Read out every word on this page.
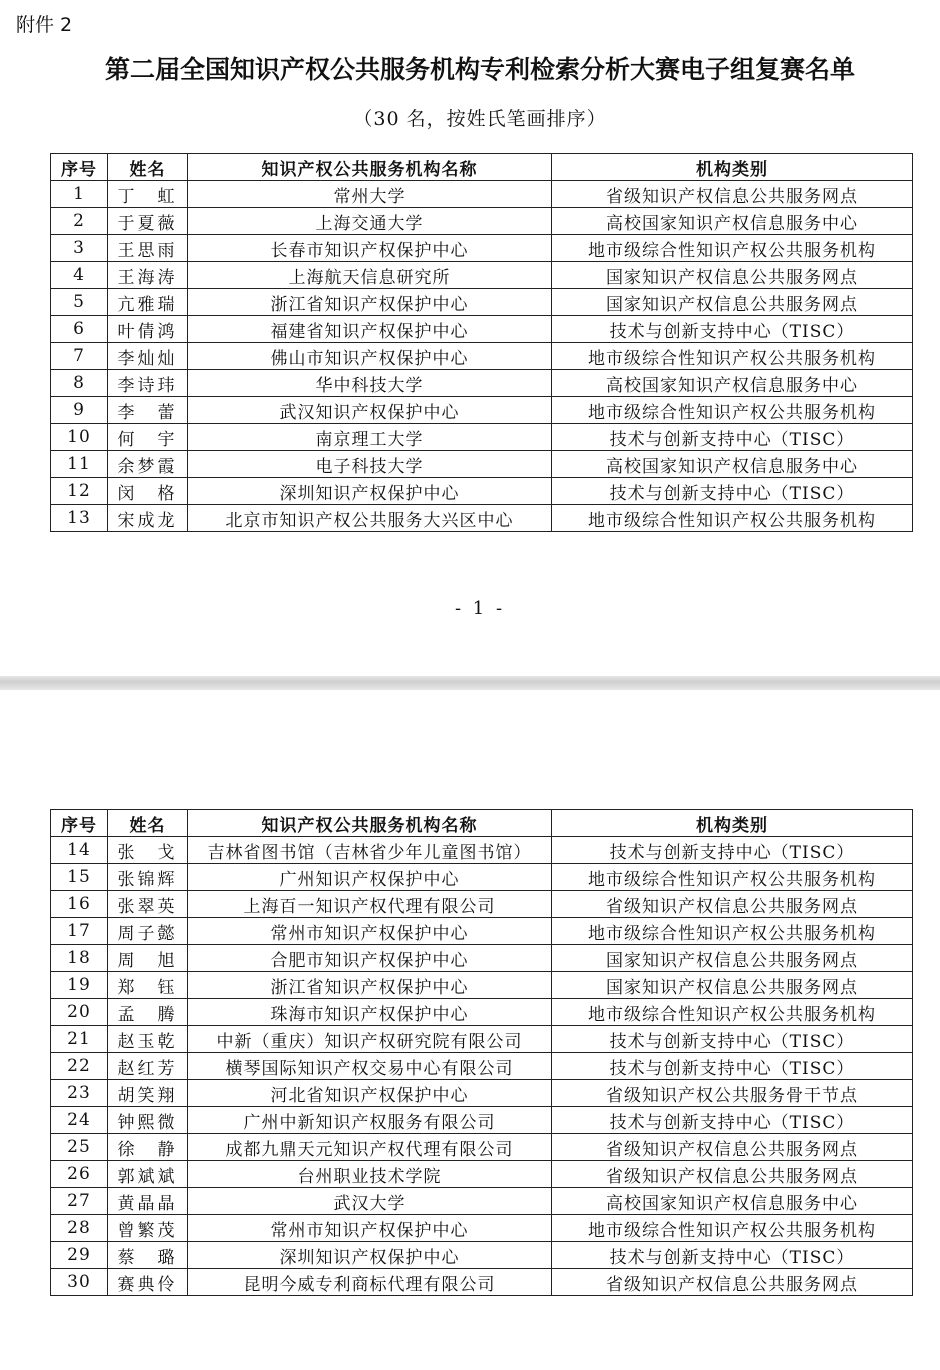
附件 2
第二届全国知识产权公共服务机构专利检索分析大赛电子组复赛名单
（30 名，按姓氏笔画排序）
序号	姓名	知识产权公共服务机构名称	机构类别
1	丁　虹	常州大学	省级知识产权信息公共服务网点
2	于夏薇	上海交通大学	高校国家知识产权信息服务中心
3	王思雨	长春市知识产权保护中心	地市级综合性知识产权公共服务机构
4	王海涛	上海航天信息研究所	国家知识产权信息公共服务网点
5	亢雅瑞	浙江省知识产权保护中心	国家知识产权信息公共服务网点
6	叶倩鸿	福建省知识产权保护中心	技术与创新支持中心（TISC）
7	李灿灿	佛山市知识产权保护中心	地市级综合性知识产权公共服务机构
8	李诗玮	华中科技大学	高校国家知识产权信息服务中心
9	李　蕾	武汉知识产权保护中心	地市级综合性知识产权公共服务机构
10	何　宇	南京理工大学	技术与创新支持中心（TISC）
11	余梦霞	电子科技大学	高校国家知识产权信息服务中心
12	闵　格	深圳知识产权保护中心	技术与创新支持中心（TISC）
13	宋成龙	北京市知识产权公共服务大兴区中心	地市级综合性知识产权公共服务机构
- 1 -
序号	姓名	知识产权公共服务机构名称	机构类别
14	张　戈	吉林省图书馆（吉林省少年儿童图书馆）	技术与创新支持中心（TISC）
15	张锦辉	广州知识产权保护中心	地市级综合性知识产权公共服务机构
16	张翠英	上海百一知识产权代理有限公司	省级知识产权信息公共服务网点
17	周子懿	常州市知识产权保护中心	地市级综合性知识产权公共服务机构
18	周　旭	合肥市知识产权保护中心	国家知识产权信息公共服务网点
19	郑　钰	浙江省知识产权保护中心	国家知识产权信息公共服务网点
20	孟　腾	珠海市知识产权保护中心	地市级综合性知识产权公共服务机构
21	赵玉乾	中新（重庆）知识产权研究院有限公司	技术与创新支持中心（TISC）
22	赵红芳	横琴国际知识产权交易中心有限公司	技术与创新支持中心（TISC）
23	胡笑翔	河北省知识产权保护中心	省级知识产权公共服务骨干节点
24	钟熙微	广州中新知识产权服务有限公司	技术与创新支持中心（TISC）
25	徐　静	成都九鼎天元知识产权代理有限公司	省级知识产权信息公共服务网点
26	郭斌斌	台州职业技术学院	省级知识产权信息公共服务网点
27	黄晶晶	武汉大学	高校国家知识产权信息服务中心
28	曾繁茂	常州市知识产权保护中心	地市级综合性知识产权公共服务机构
29	蔡　璐	深圳知识产权保护中心	技术与创新支持中心（TISC）
30	赛典伶	昆明今威专利商标代理有限公司	省级知识产权信息公共服务网点
